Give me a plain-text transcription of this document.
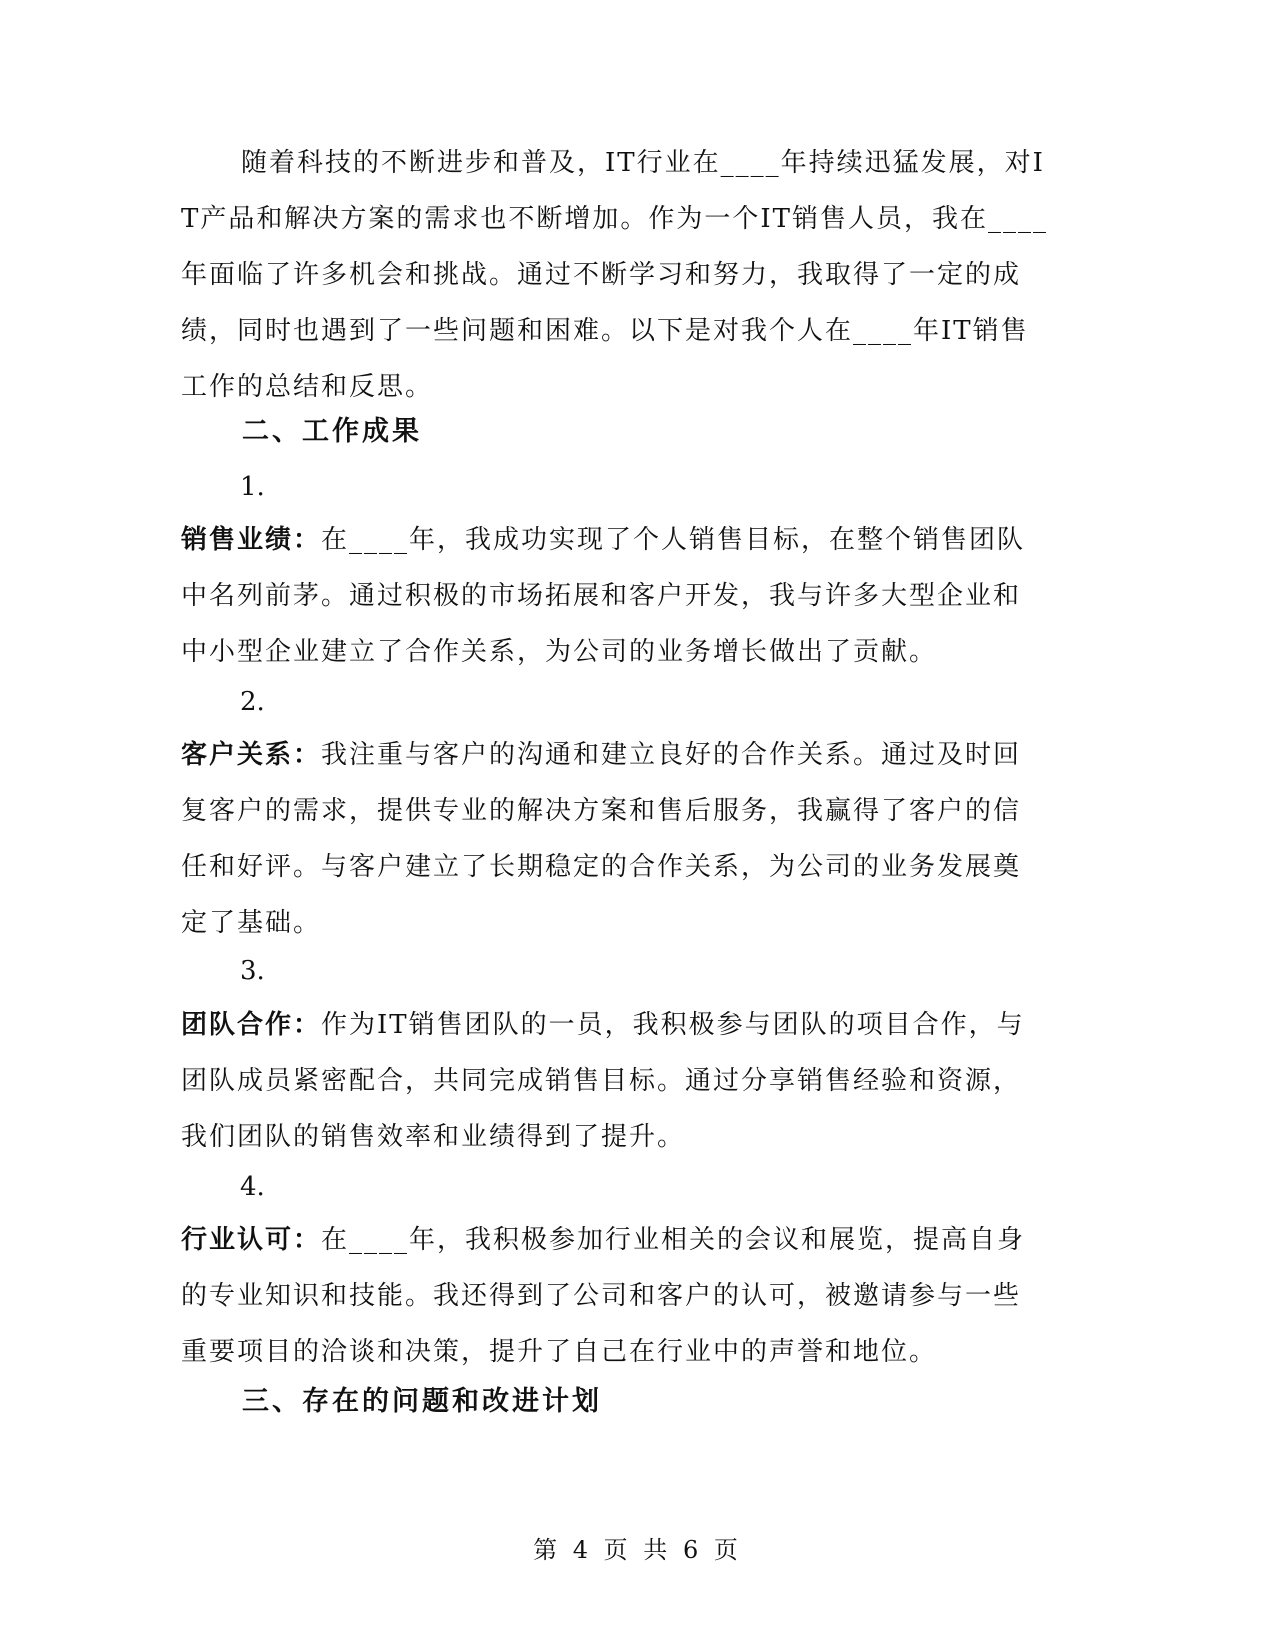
随着科技的不断进步和普及，IT行业在____年持续迅猛发展，对I
T产品和解决方案的需求也不断增加。作为一个IT销售人员，我在____
年面临了许多机会和挑战。通过不断学习和努力，我取得了一定的成
绩，同时也遇到了一些问题和困难。以下是对我个人在____年IT销售
工作的总结和反思。
二、工作成果
1.
销售业绩：在____年，我成功实现了个人销售目标，在整个销售团队
中名列前茅。通过积极的市场拓展和客户开发，我与许多大型企业和
中小型企业建立了合作关系，为公司的业务增长做出了贡献。
2.
客户关系：我注重与客户的沟通和建立良好的合作关系。通过及时回
复客户的需求，提供专业的解决方案和售后服务，我赢得了客户的信
任和好评。与客户建立了长期稳定的合作关系，为公司的业务发展奠
定了基础。
3.
团队合作：作为IT销售团队的一员，我积极参与团队的项目合作，与
团队成员紧密配合，共同完成销售目标。通过分享销售经验和资源，
我们团队的销售效率和业绩得到了提升。
4.
行业认可：在____年，我积极参加行业相关的会议和展览，提高自身
的专业知识和技能。我还得到了公司和客户的认可，被邀请参与一些
重要项目的洽谈和决策，提升了自己在行业中的声誉和地位。
三、存在的问题和改进计划
第 4 页 共 6 页
